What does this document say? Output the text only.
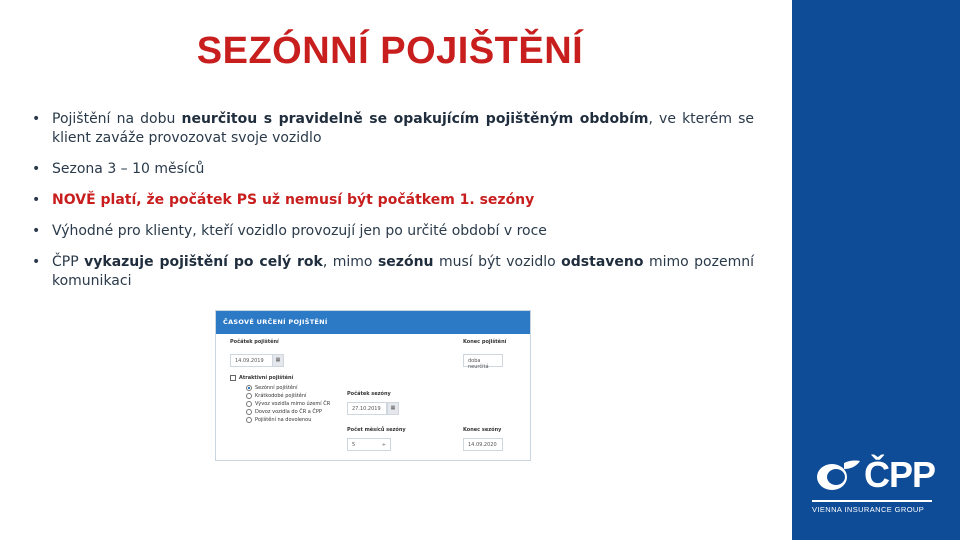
SEZÓNNÍ POJIŠTĚNÍ
• Pojištění na dobu neurčitou s pravidelně se opakujícím pojištěným obdobím, ve kterém se klient zaváže provozovat svoje vozidlo
• Sezona 3 – 10 měsíců
• NOVĚ platí, že počátek PS už nemusí být počátkem 1. sezóny
• Výhodné pro klienty, kteří vozidlo provozují jen po určité období v roce
• ČPP vykazuje pojištění po celý rok, mimo sezónu musí být vozidlo odstaveno mimo pozemní komunikaci
ČASOVÉ URČENÍ POJIŠTĚNÍ
Počátek pojištění
14.09.2019	▦
Konec pojištění
doba neurčitá
Atraktivní pojištění
Sezónní pojištění
Krátkodobé pojištění
Vývoz vozidla mimo území ČR
Dovoz vozidla do ČR a ČPP
Pojištění na dovolenou
Počátek sezóny
27.10.2019	▦
Počet měsíců sezóny
5	÷
Konec sezóny
14.09.2020
ČPP
VIENNA INSURANCE GROUP
